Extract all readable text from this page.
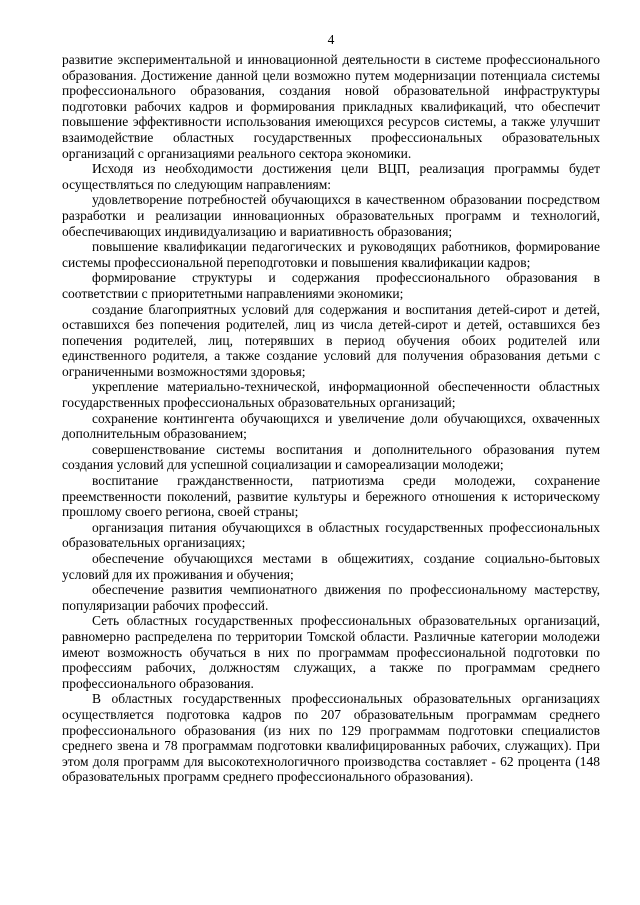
4

развитие экспериментальной и инновационной деятельности в системе профессионального образования. Достижение данной цели возможно путем модернизации потенциала системы профессионального образования, создания новой образовательной инфраструктуры подготовки рабочих кадров и формирования прикладных квалификаций, что обеспечит повышение эффективности использования имеющихся ресурсов системы, а также улучшит взаимодействие областных государственных профессиональных образовательных организаций с организациями реального сектора экономики.

Исходя из необходимости достижения цели ВЦП, реализация программы будет осуществляться по следующим направлениям:

удовлетворение потребностей обучающихся в качественном образовании посредством разработки и реализации инновационных образовательных программ и технологий, обеспечивающих индивидуализацию и вариативность образования;

повышение квалификации педагогических и руководящих работников, формирование системы профессиональной переподготовки и повышения квалификации кадров;

формирование структуры и содержания профессионального образования в соответствии с приоритетными направлениями экономики;

создание благоприятных условий для содержания и воспитания детей-сирот и детей, оставшихся без попечения родителей, лиц из числа детей-сирот и детей, оставшихся без попечения родителей, лиц, потерявших в период обучения обоих родителей или единственного родителя, а также создание условий для получения образования детьми с ограниченными возможностями здоровья;

укрепление материально-технической, информационной обеспеченности областных государственных профессиональных образовательных организаций;

сохранение контингента обучающихся и увеличение доли обучающихся, охваченных дополнительным образованием;

совершенствование системы воспитания и дополнительного образования путем создания условий для успешной социализации и самореализации молодежи;

воспитание гражданственности, патриотизма среди молодежи, сохранение преемственности поколений, развитие культуры и бережного отношения к историческому прошлому своего региона, своей страны;

организация питания обучающихся в областных государственных профессиональных образовательных организациях;

обеспечение обучающихся местами в общежитиях, создание социально-бытовых условий для их проживания и обучения;

обеспечение развития чемпионатного движения по профессиональному мастерству, популяризации рабочих профессий.

Сеть областных государственных профессиональных образовательных организаций, равномерно распределена по территории Томской области. Различные категории молодежи имеют возможность обучаться в них по программам профессиональной подготовки по профессиям рабочих, должностям служащих, а также по программам среднего профессионального образования.

В областных государственных профессиональных образовательных организациях осуществляется подготовка кадров по 207 образовательным программам среднего профессионального образования (из них по 129 программам подготовки специалистов среднего звена и 78 программам подготовки квалифицированных рабочих, служащих). При этом доля программ для высокотехнологичного производства составляет - 62 процента (148 образовательных программ среднего профессионального образования).
